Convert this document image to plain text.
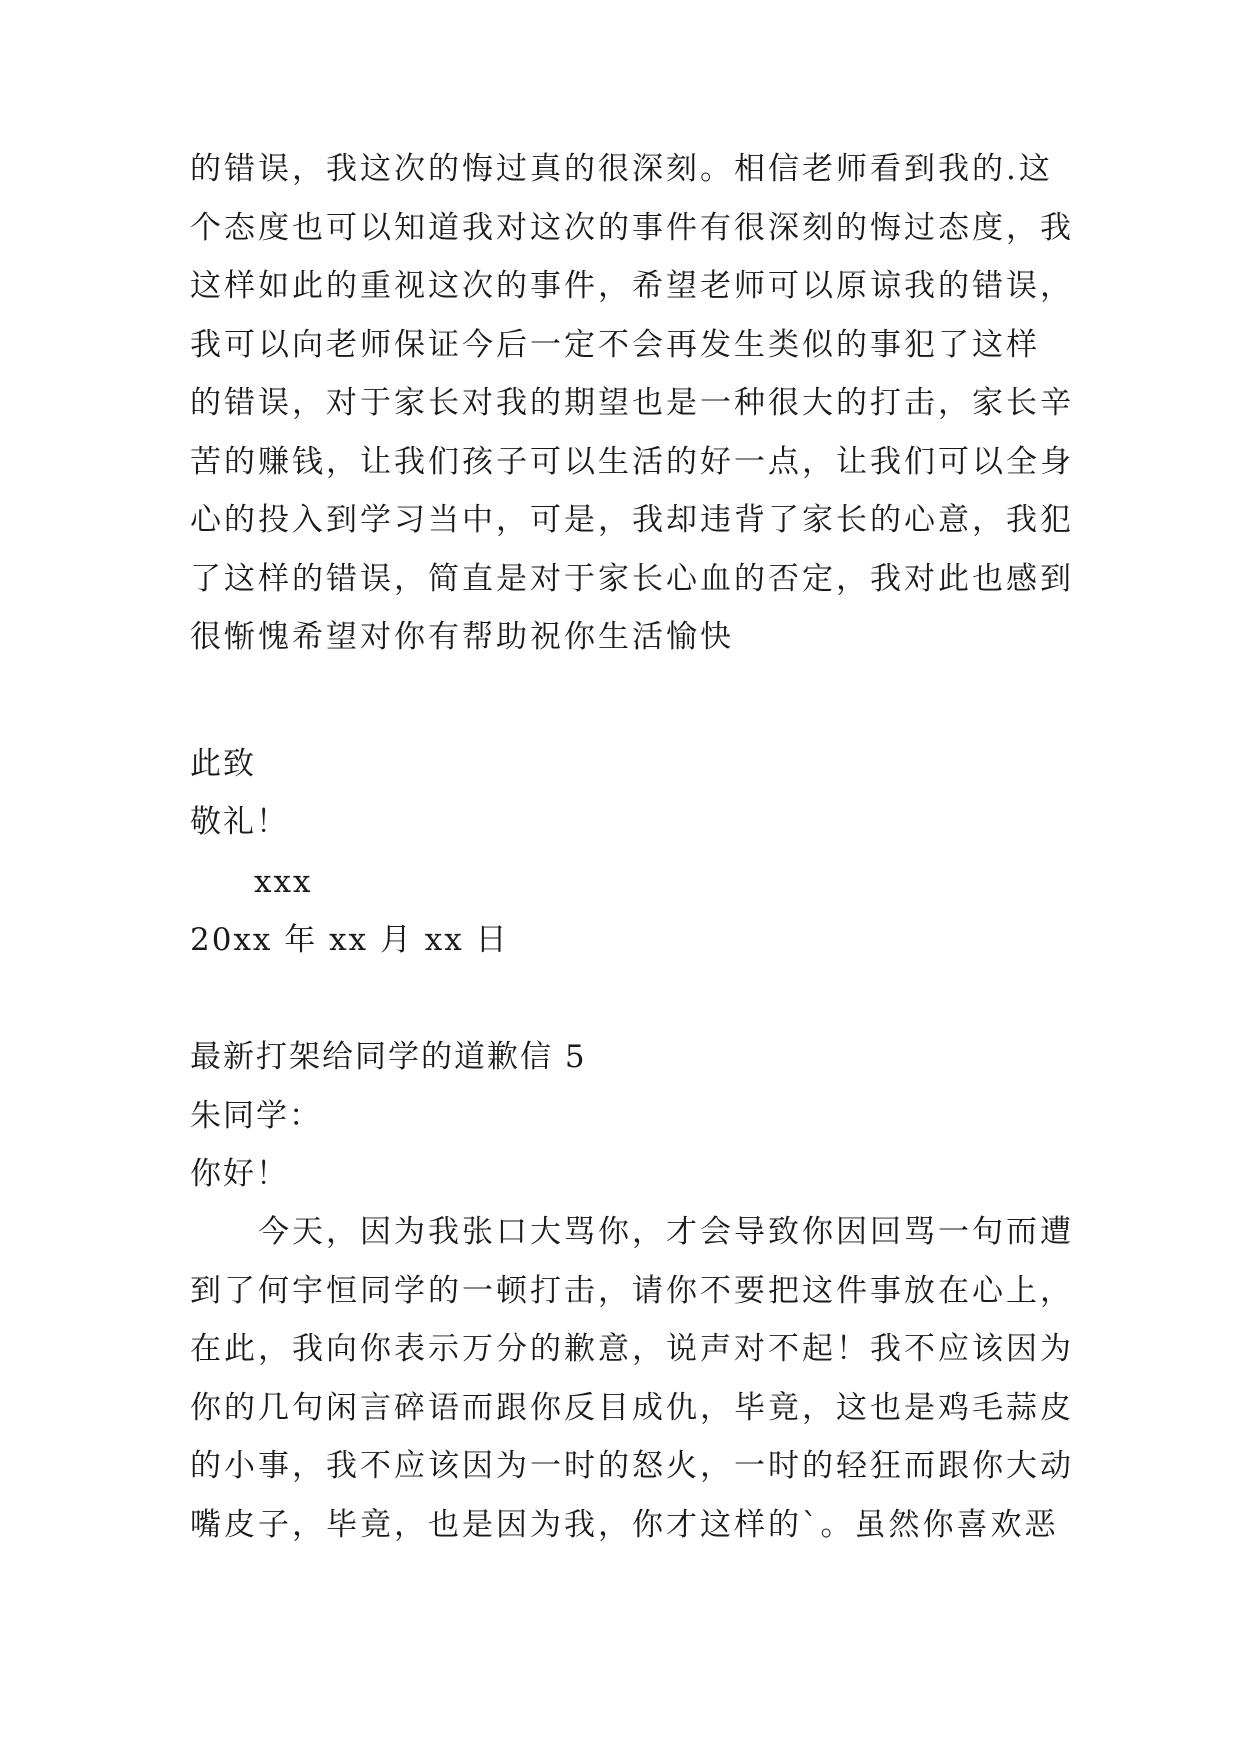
的错误，我这次的悔过真的很深刻。相信老师看到我的.这
个态度也可以知道我对这次的事件有很深刻的悔过态度，我
这样如此的重视这次的事件，希望老师可以原谅我的错误，
我可以向老师保证今后一定不会再发生类似的事犯了这样
的错误，对于家长对我的期望也是一种很大的打击，家长辛
苦的赚钱，让我们孩子可以生活的好一点，让我们可以全身
心的投入到学习当中，可是，我却违背了家长的心意，我犯
了这样的错误，简直是对于家长心血的否定，我对此也感到
很惭愧希望对你有帮助祝你生活愉快
此致
敬礼！
xxx
20xx 年 xx 月 xx 日
最新打架给同学的道歉信 5
朱同学：
你好！
　　今天，因为我张口大骂你，才会导致你因回骂一句而遭
到了何宇恒同学的一顿打击，请你不要把这件事放在心上，
在此，我向你表示万分的歉意，说声对不起！我不应该因为
你的几句闲言碎语而跟你反目成仇，毕竟，这也是鸡毛蒜皮
的小事，我不应该因为一时的怒火，一时的轻狂而跟你大动
嘴皮子，毕竟，也是因为我，你才这样的`。虽然你喜欢恶
